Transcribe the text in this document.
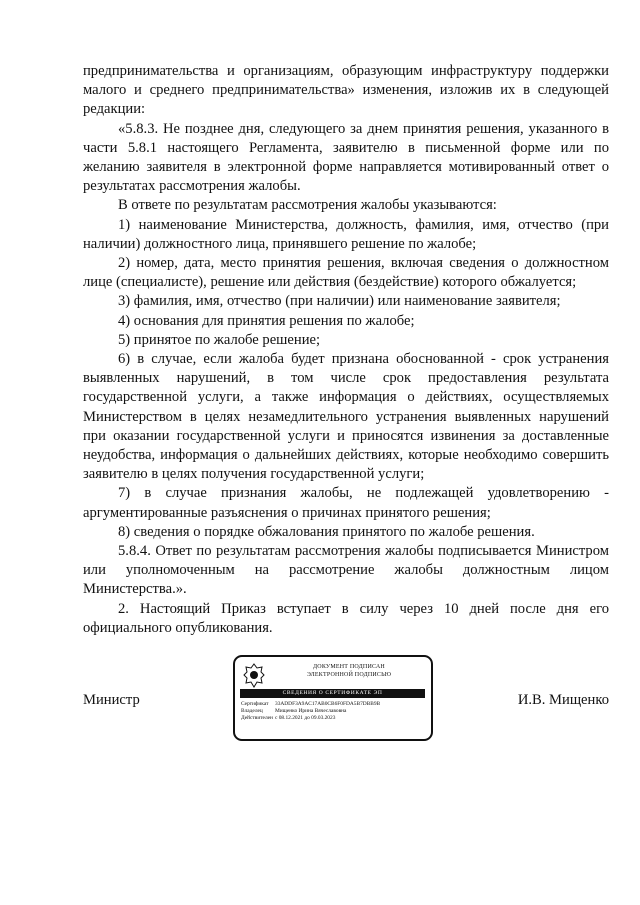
предпринимательства и организациям, образующим инфраструктуру поддержки малого и среднего предпринимательства» изменения, изложив их в следующей редакции:

«5.8.3. Не позднее дня, следующего за днем принятия решения, указанного в части 5.8.1 настоящего Регламента, заявителю в письменной форме или по желанию заявителя в электронной форме направляется мотивированный ответ о результатах рассмотрения жалобы.

В ответе по результатам рассмотрения жалобы указываются:

1) наименование Министерства, должность, фамилия, имя, отчество (при наличии) должностного лица, принявшего решение по жалобе;

2) номер, дата, место принятия решения, включая сведения о должностном лице (специалисте), решение или действия (бездействие) которого обжалуется;

3) фамилия, имя, отчество (при наличии) или наименование заявителя;

4) основания для принятия решения по жалобе;

5) принятое по жалобе решение;

6) в случае, если жалоба будет признана обоснованной - срок устранения выявленных нарушений, в том числе срок предоставления результата государственной услуги, а также информация о действиях, осуществляемых Министерством в целях незамедлительного устранения выявленных нарушений при оказании государственной услуги и приносятся извинения за доставленные неудобства, информация о дальнейших действиях, которые необходимо совершить заявителю в целях получения государственной услуги;

7) в случае признания жалобы, не подлежащей удовлетворению - аргументированные разъяснения о причинах принятого решения;

8) сведения о порядке обжалования принятого по жалобе решения.

5.8.4. Ответ по результатам рассмотрения жалобы подписывается Министром или уполномоченным на рассмотрение жалобы должностным лицом Министерства.».

2. Настоящий Приказ вступает в силу через 10 дней после дня его официального опубликования.

Министр	И.В. Мищенко
ДОКУМЕНТ ПОДПИСАН
ЭЛЕКТРОННОЙ ПОДПИСЬЮ
СВЕДЕНИЯ О СЕРТИФИКАТЕ ЭП
Сертификат	33ADDF3A9AC17AB0CB6F0FDA5B7DBB9B
Владелец	Мищенко Ирина Вячеславовна
Действителен с 08.12.2021 до 09.03.2023
